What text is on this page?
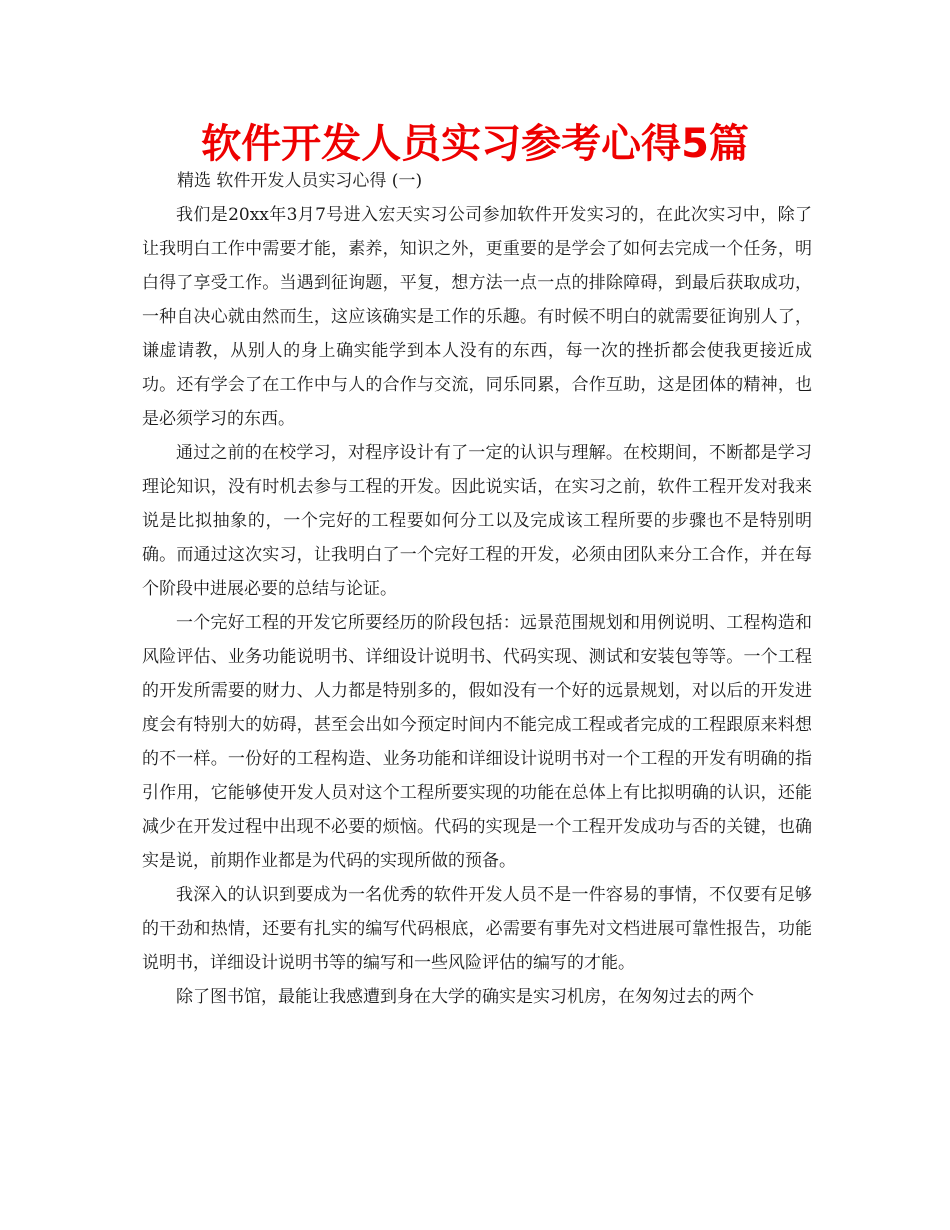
软件开发人员实习参考心得5篇
精选 软件开发人员实习心得 (一)

我们是20xx年3月7号进入宏天实习公司参加软件开发实习的，在此次实习中，除了让我明白工作中需要才能，素养，知识之外，更重要的是学会了如何去完成一个任务，明白得了享受工作。当遇到征询题，平复，想方法一点一点的排除障碍，到最后获取成功，一种自决心就由然而生，这应该确实是工作的乐趣。有时候不明白的就需要征询别人了，谦虚请教，从别人的身上确实能学到本人没有的东西，每一次的挫折都会使我更接近成功。还有学会了在工作中与人的合作与交流，同乐同累，合作互助，这是团体的精神，也是必须学习的东西。

通过之前的在校学习，对程序设计有了一定的认识与理解。在校期间，不断都是学习理论知识，没有时机去参与工程的开发。因此说实话，在实习之前，软件工程开发对我来说是比拟抽象的，一个完好的工程要如何分工以及完成该工程所要的步骤也不是特别明确。而通过这次实习，让我明白了一个完好工程的开发，必须由团队来分工合作，并在每个阶段中进展必要的总结与论证。

一个完好工程的开发它所要经历的阶段包括：远景范围规划和用例说明、工程构造和风险评估、业务功能说明书、详细设计说明书、代码实现、测试和安装包等等。一个工程的开发所需要的财力、人力都是特别多的，假如没有一个好的远景规划，对以后的开发进度会有特别大的妨碍，甚至会出如今预定时间内不能完成工程或者完成的工程跟原来料想的不一样。一份好的工程构造、业务功能和详细设计说明书对一个工程的开发有明确的指引作用，它能够使开发人员对这个工程所要实现的功能在总体上有比拟明确的认识，还能减少在开发过程中出现不必要的烦恼。代码的实现是一个工程开发成功与否的关键，也确实是说，前期作业都是为代码的实现所做的预备。

我深入的认识到要成为一名优秀的软件开发人员不是一件容易的事情，不仅要有足够的干劲和热情，还要有扎实的编写代码根底，必需要有事先对文档进展可靠性报告，功能说明书，详细设计说明书等的编写和一些风险评估的编写的才能。

除了图书馆，最能让我感遭到身在大学的确实是实习机房，在匆匆过去的两个
